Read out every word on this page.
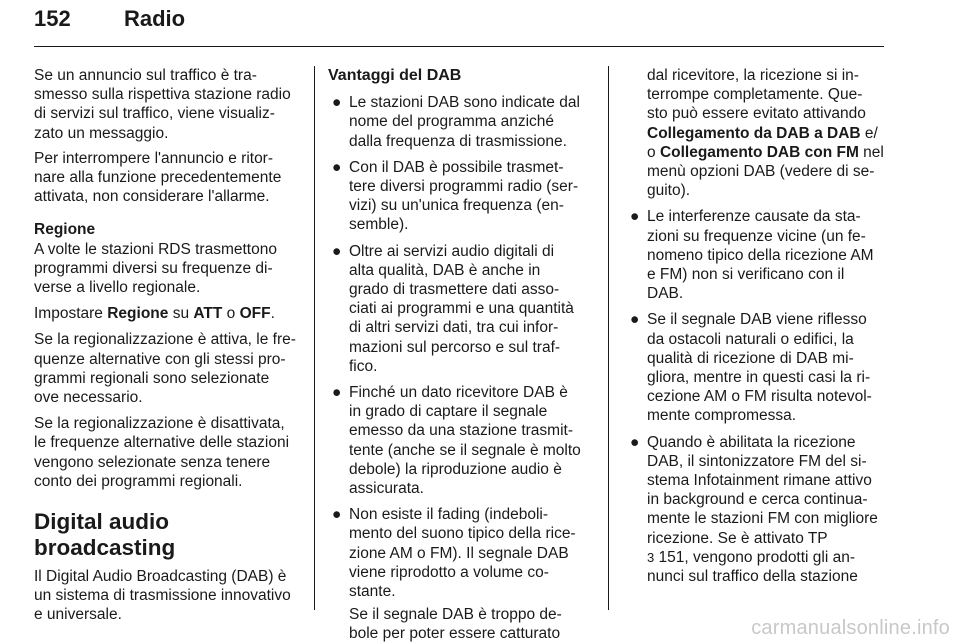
152 Radio

Se un annuncio sul traffico è tra-
smesso sulla rispettiva stazione radio
di servizi sul traffico, viene visualiz-
zato un messaggio.

Per interrompere l'annuncio e ritor-
nare alla funzione precedentemente
attivata, non considerare l'allarme.

Regione

A volte le stazioni RDS trasmettono
programmi diversi su frequenze di-
verse a livello regionale.

Impostare Regione su ATT o OFF.

Se la regionalizzazione è attiva, le fre-
quenze alternative con gli stessi pro-
grammi regionali sono selezionate
ove necessario.

Se la regionalizzazione è disattivata,
le frequenze alternative delle stazioni
vengono selezionate senza tenere
conto dei programmi regionali.

Digital audio broadcasting

Il Digital Audio Broadcasting (DAB) è
un sistema di trasmissione innovativo
e universale.

Vantaggi del DAB
● Le stazioni DAB sono indicate dal
nome del programma anziché
dalla frequenza di trasmissione.
● Con il DAB è possibile trasmet-
tere diversi programmi radio (ser-
vizi) su un'unica frequenza (en-
semble).
● Oltre ai servizi audio digitali di
alta qualità, DAB è anche in
grado di trasmettere dati asso-
ciati ai programmi e una quantità
di altri servizi dati, tra cui infor-
mazioni sul percorso e sul traf-
fico.
● Finché un dato ricevitore DAB è
in grado di captare il segnale
emesso da una stazione trasmit-
tente (anche se il segnale è molto
debole) la riproduzione audio è
assicurata.
● Non esiste il fading (indeboli-
mento del suono tipico della rice-
zione AM o FM). Il segnale DAB
viene riprodotto a volume co-
stante.
Se il segnale DAB è troppo de-
bole per poter essere catturato
dal ricevitore, la ricezione si in-
terrompe completamente. Que-
sto può essere evitato attivando
Collegamento da DAB a DAB e/
o Collegamento DAB con FM nel
menù opzioni DAB (vedere di se-
guito).
● Le interferenze causate da sta-
zioni su frequenze vicine (un fe-
nomeno tipico della ricezione AM
e FM) non si verificano con il
DAB.
● Se il segnale DAB viene riflesso
da ostacoli naturali o edifici, la
qualità di ricezione di DAB mi-
gliora, mentre in questi casi la ri-
cezione AM o FM risulta notevol-
mente compromessa.
● Quando è abilitata la ricezione
DAB, il sintonizzatore FM del si-
stema Infotainment rimane attivo
in background e cerca continua-
mente le stazioni FM con migliore
ricezione. Se è attivato TP
3 151, vengono prodotti gli an-
nunci sul traffico della stazione
carmanualsonline.info
